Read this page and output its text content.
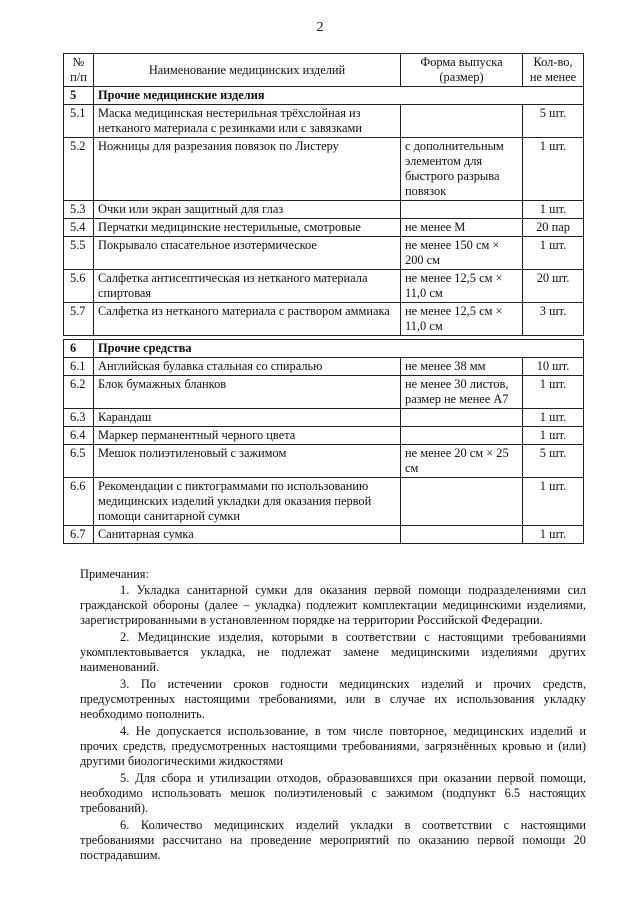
2
№ п/п	Наименование медицинских изделий	Форма выпуска (размер)	Кол-во, не менее
5	Прочие медицинские изделия		
5.1	Маска медицинская нестерильная трёхслойная из нетканого материала с резинками или с завязками		5 шт.
5.2	Ножницы для разрезания повязок по Листеру	с дополнительным элементом для быстрого разрыва повязок	1 шт.
5.3	Очки или экран защитный для глаз		1 шт.
5.4	Перчатки медицинские нестерильные, смотровые	не менее М	20 пар
5.5	Покрывало спасательное изотермическое	не менее 150 см × 200 см	1 шт.
5.6	Салфетка антисептическая из нетканого материала спиртовая	не менее 12,5 см × 11,0 см	20 шт.
5.7	Салфетка из нетканого материала с раствором аммиака	не менее 12,5 см × 11,0 см	3 шт.
6	Прочие средства		
6.1	Английская булавка стальная со спиралью	не менее 38 мм	10 шт.
6.2	Блок бумажных бланков	не менее 30 листов, размер не менее А7	1 шт.
6.3	Карандаш		1 шт.
6.4	Маркер перманентный черного цвета		1 шт.
6.5	Мешок полиэтиленовый с зажимом	не менее 20 см × 25 см	5 шт.
6.6	Рекомендации с пиктограммами по использованию медицинских изделий укладки для оказания первой помощи санитарной сумки		1 шт.
6.7	Санитарная сумка		1 шт.

Примечания:

1. Укладка санитарной сумки для оказания первой помощи подразделениями сил гражданской обороны (далее – укладка) подлежит комплектации медицинскими изделиями, зарегистрированными в установленном порядке на территории Российской Федерации.

2. Медицинские изделия, которыми в соответствии с настоящими требованиями укомплектовывается укладка, не подлежат замене медицинскими изделиями других наименований.

3. По истечении сроков годности медицинских изделий и прочих средств, предусмотренных настоящими требованиями, или в случае их использования укладку необходимо пополнить.

4. Не допускается использование, в том числе повторное, медицинских изделий и прочих средств, предусмотренных настоящими требованиями, загрязнённых кровью и (или) другими биологическими жидкостями

5. Для сбора и утилизации отходов, образовавшихся при оказании первой помощи, необходимо использовать мешок полиэтиленовый с зажимом (подпункт 6.5 настоящих требований).

6. Количество медицинских изделий укладки в соответствии с настоящими требованиями рассчитано на проведение мероприятий по оказанию первой помощи 20 пострадавшим.
